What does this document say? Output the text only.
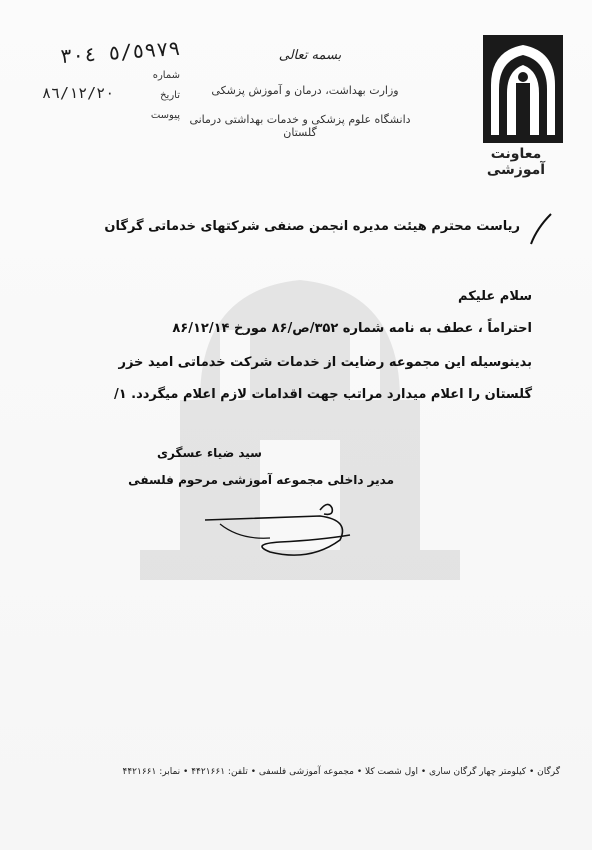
٥/٥٩٧٩ ٣٠٤
شماره
تاریخ
٨٦/١٢/٢٠
پیوست
بسمه تعالی
وزارت بهداشت، درمان و آموزش پزشکی
دانشگاه علوم پزشکی و خدمات بهداشتی درمانی گلستان
معاونت آموزشی
ریاست محترم هیئت مدیره انجمن صنفی شرکتهای خدماتی گرگان
سلام علیکم
احتراماً ، عطف به نامه شماره ۳۵۲/ص/۸۶ مورخ ۸۶/۱۲/۱۴
بدینوسیله این مجموعه رضایت از خدمات شرکت خدماتی امید خزر
گلستان را اعلام میدارد مراتب جهت اقدامات لازم اعلام میگردد. ۱/
سید ضیاء عسگری
مدیر داخلی مجموعه آموزشی مرحوم فلسفی
گرگان • کیلومتر چهار گرگان ساری • اول شصت کلا • مجموعه آموزشی فلسفی • تلفن: ۴۴۲۱۶۶۱ • نمابر: ۴۴۲۱۶۶۱
